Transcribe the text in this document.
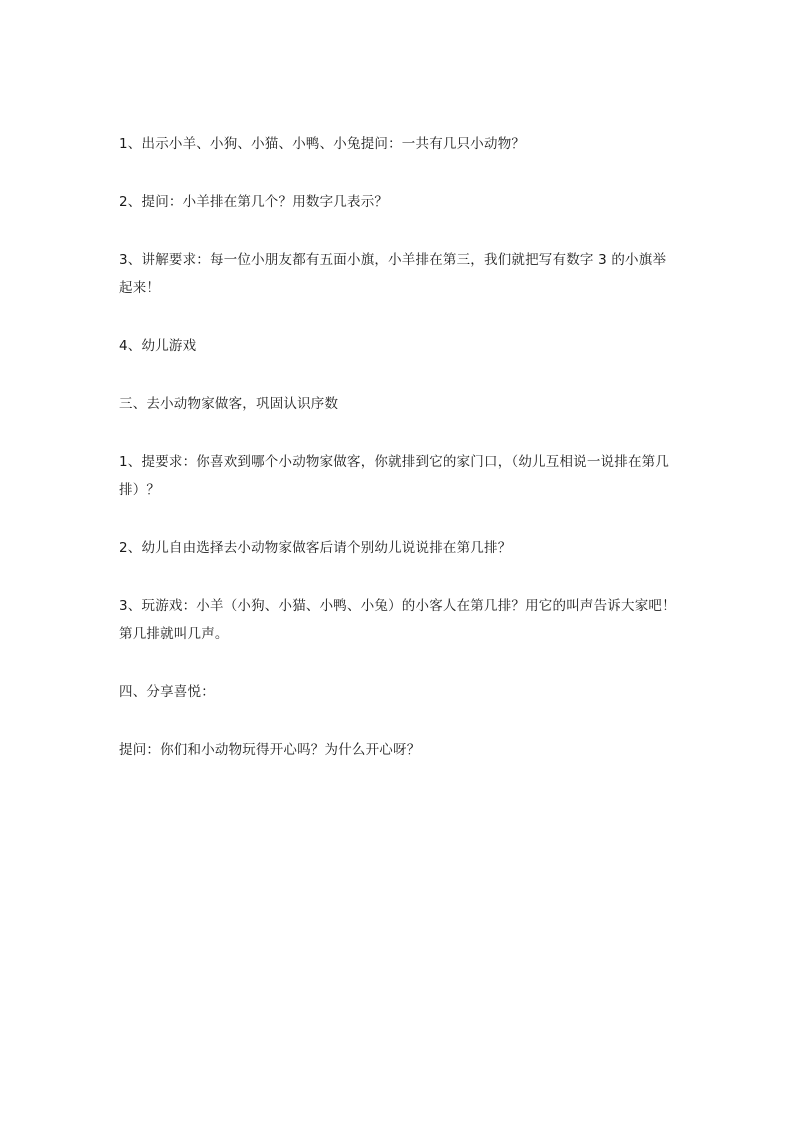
1、出示小羊、小狗、小猫、小鸭、小兔提问：一共有几只小动物？

2、提问：小羊排在第几个？用数字几表示？

3、讲解要求：每一位小朋友都有五面小旗，小羊排在第三，我们就把写有数字 3 的小旗举起来！

4、幼儿游戏

三、去小动物家做客，巩固认识序数

1、提要求：你喜欢到哪个小动物家做客，你就排到它的家门口，（幼儿互相说一说排在第几排）？

2、幼儿自由选择去小动物家做客后请个别幼儿说说排在第几排？

3、玩游戏：小羊（小狗、小猫、小鸭、小兔）的小客人在第几排？用它的叫声告诉大家吧！第几排就叫几声。

四、分享喜悦：

提问：你们和小动物玩得开心吗？为什么开心呀？
